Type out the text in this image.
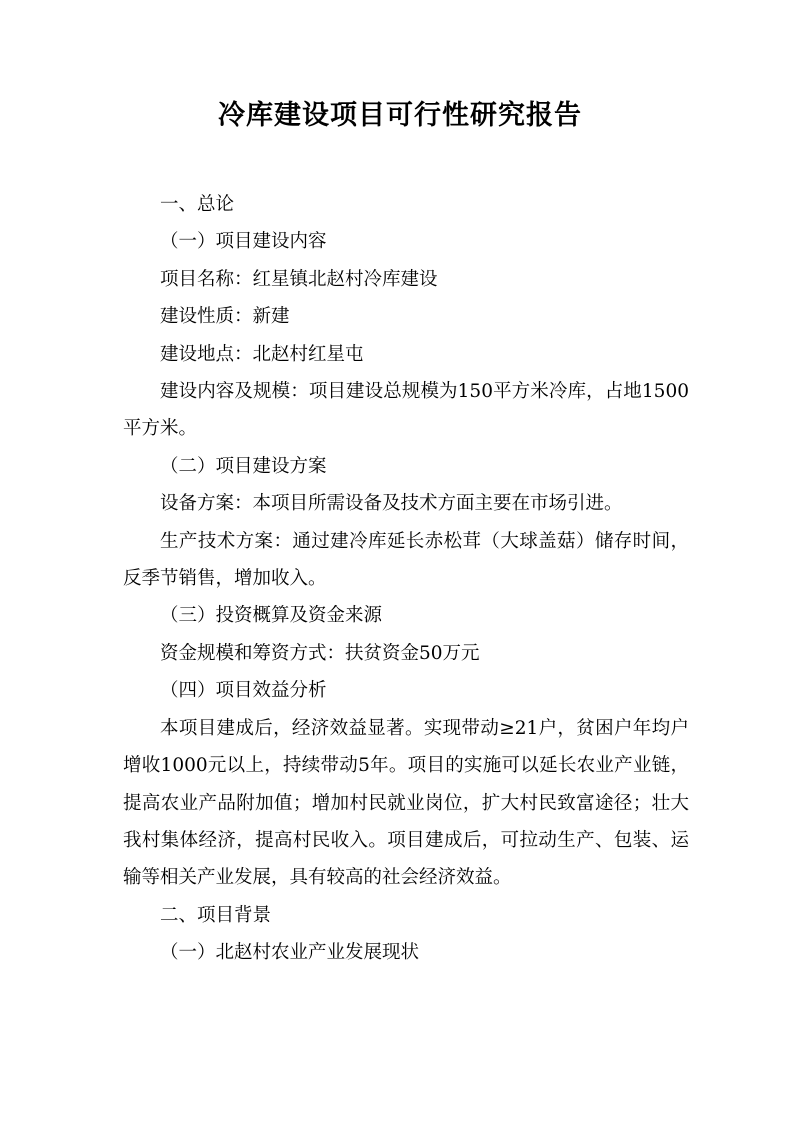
冷库建设项目可行性研究报告

一、总论

（一）项目建设内容

项目名称：红星镇北赵村冷库建设

建设性质：新建

建设地点：北赵村红星屯

建设内容及规模：项目建设总规模为150平方米冷库，占地1500平方米。

（二）项目建设方案

设备方案：本项目所需设备及技术方面主要在市场引进。

生产技术方案：通过建冷库延长赤松茸（大球盖菇）储存时间，反季节销售，增加收入。

（三）投资概算及资金来源

资金规模和筹资方式：扶贫资金50万元

（四）项目效益分析

本项目建成后，经济效益显著。实现带动≥21户，贫困户年均户增收1000元以上，持续带动5年。项目的实施可以延长农业产业链，提高农业产品附加值；增加村民就业岗位，扩大村民致富途径；壮大我村集体经济，提高村民收入。项目建成后，可拉动生产、包装、运输等相关产业发展，具有较高的社会经济效益。

二、项目背景

（一）北赵村农业产业发展现状
